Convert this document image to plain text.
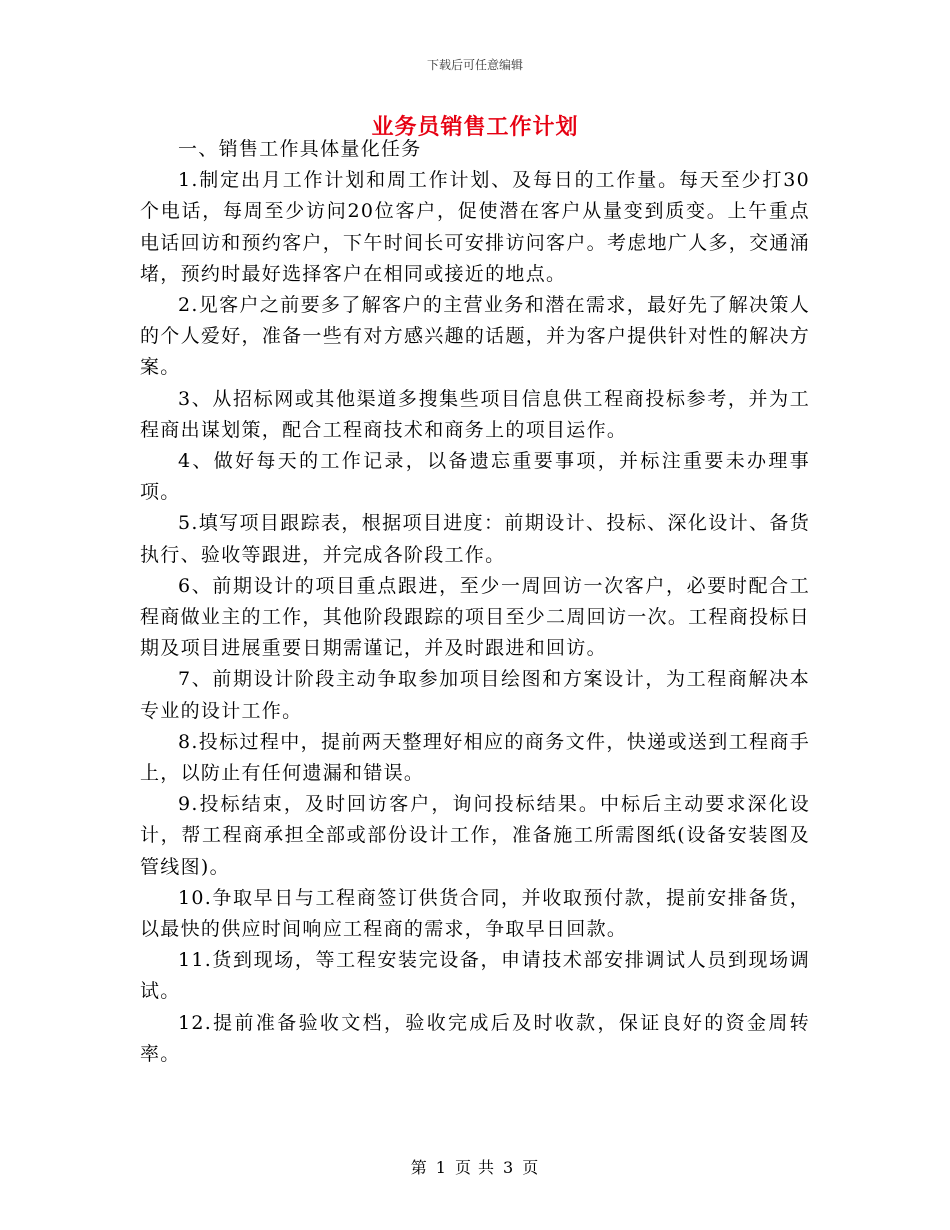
下载后可任意编辑
业务员销售工作计划

一、销售工作具体量化任务

1.制定出月工作计划和周工作计划、及每日的工作量。每天至少打30个电话，每周至少访问20位客户，促使潜在客户从量变到质变。上午重点电话回访和预约客户，下午时间长可安排访问客户。考虑地广人多，交通涌堵，预约时最好选择客户在相同或接近的地点。

2.见客户之前要多了解客户的主营业务和潜在需求，最好先了解决策人的个人爱好，准备一些有对方感兴趣的话题，并为客户提供针对性的解决方案。

3、从招标网或其他渠道多搜集些项目信息供工程商投标参考，并为工程商出谋划策，配合工程商技术和商务上的项目运作。

4、做好每天的工作记录，以备遗忘重要事项，并标注重要未办理事项。

5.填写项目跟踪表，根据项目进度：前期设计、投标、深化设计、备货执行、验收等跟进，并完成各阶段工作。

6、前期设计的项目重点跟进，至少一周回访一次客户，必要时配合工程商做业主的工作，其他阶段跟踪的项目至少二周回访一次。工程商投标日期及项目进展重要日期需谨记，并及时跟进和回访。

7、前期设计阶段主动争取参加项目绘图和方案设计，为工程商解决本专业的设计工作。

8.投标过程中，提前两天整理好相应的商务文件，快递或送到工程商手上，以防止有任何遗漏和错误。

9.投标结束，及时回访客户，询问投标结果。中标后主动要求深化设计，帮工程商承担全部或部份设计工作，准备施工所需图纸(设备安装图及管线图)。

10.争取早日与工程商签订供货合同，并收取预付款，提前安排备货，以最快的供应时间响应工程商的需求，争取早日回款。

11.货到现场，等工程安装完设备，申请技术部安排调试人员到现场调试。

12.提前准备验收文档，验收完成后及时收款，保证良好的资金周转率。

第 1 页 共 3 页
